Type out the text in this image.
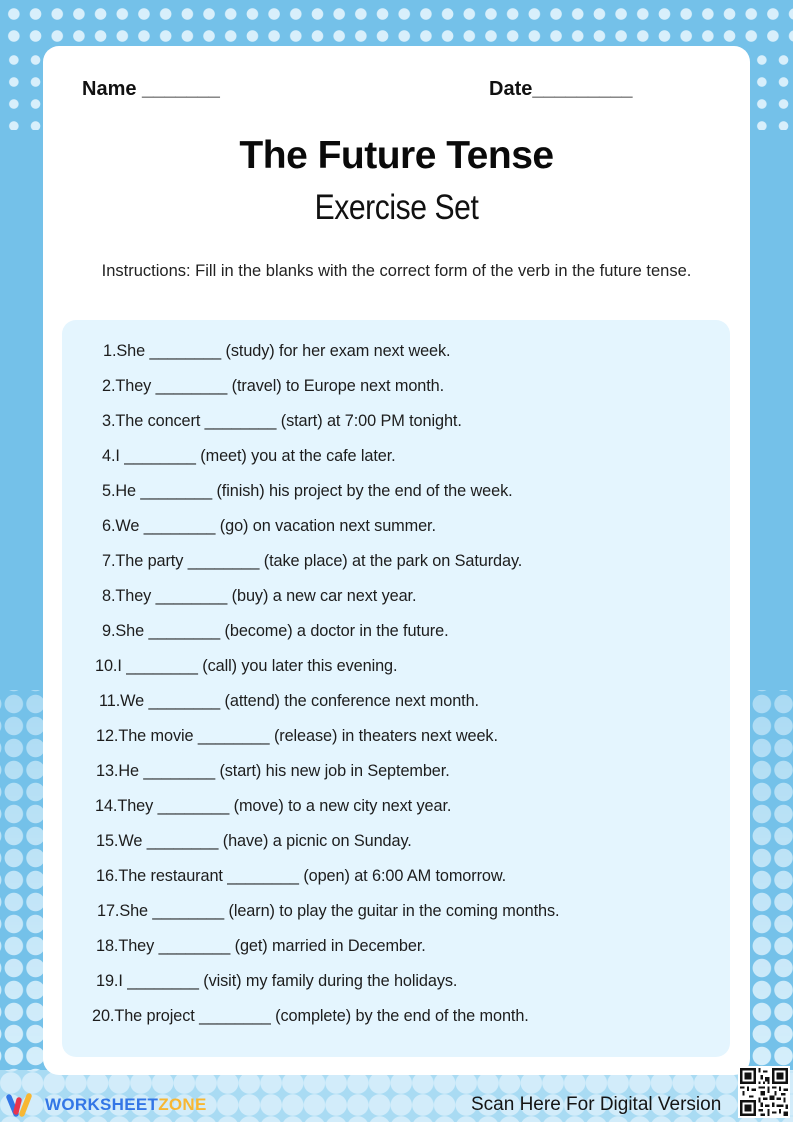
Name _______	Date_________
The Future Tense
Exercise Set
Instructions: Fill in the blanks with the correct form of the verb in the future tense.
1.She ________ (study) for her exam next week.
2.They ________ (travel) to Europe next month.
3.The concert ________ (start) at 7:00 PM tonight.
4.I ________ (meet) you at the cafe later.
5.He ________ (finish) his project by the end of the week.
6.We ________ (go) on vacation next summer.
7.The party ________ (take place) at the park on Saturday.
8.They ________ (buy) a new car next year.
9.She ________ (become) a doctor in the future.
10.I ________ (call) you later this evening.
11.We ________ (attend) the conference next month.
12.The movie ________ (release) in theaters next week.
13.He ________ (start) his new job in September.
14.They ________ (move) to a new city next year.
15.We ________ (have) a picnic on Sunday.
16.The restaurant ________ (open) at 6:00 AM tomorrow.
17.She ________ (learn) to play the guitar in the coming months.
18.They ________ (get) married in December.
19.I ________ (visit) my family during the holidays.
20.The project ________ (complete) by the end of the month.
WORKSHEETZONE	Scan Here For Digital Version
